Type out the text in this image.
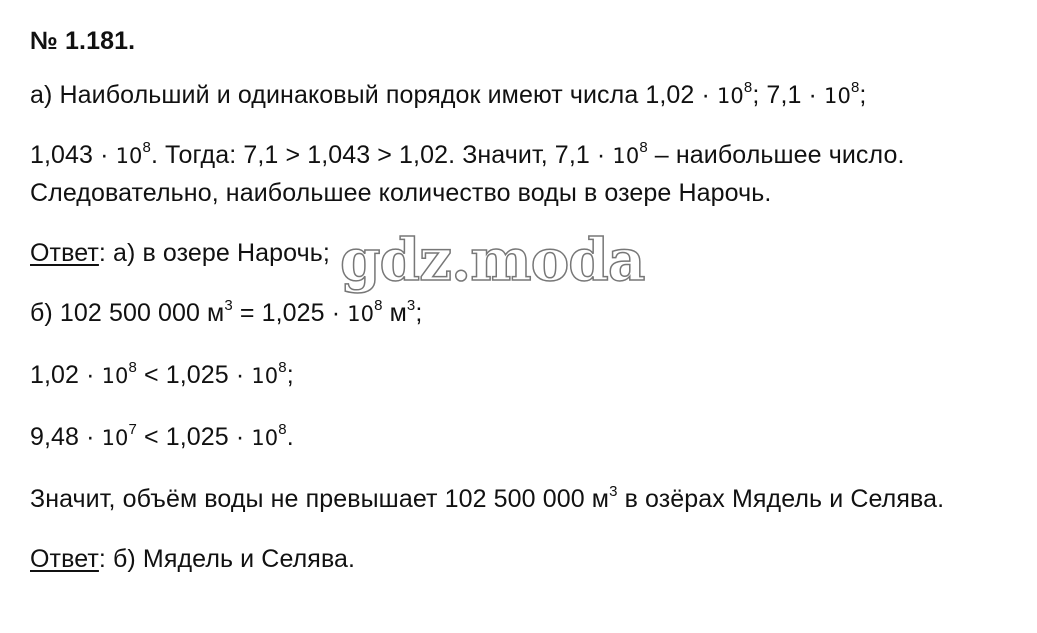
№ 1.181.
а) Наибольший и одинаковый порядок имеют числа $1,02 \cdot 10^8$; $7,1 \cdot 10^8$;
$1,043 \cdot 10^8$. Тогда: 7,1 > 1,043 > 1,02. Значит, $7,1 \cdot 10^8$ – наибольшее число.
Следовательно, наибольшее количество воды в озере Нарочь.
Ответ: а) в озере Нарочь;
б) 102 500 000 $м^3 = 1,025 \cdot 10^8$ $м^3$;
$1,02 \cdot 10^8 < 1,025 \cdot 10^8$;
$9,48 \cdot 10^7 < 1,025 \cdot 10^8$.
Значит, объём воды не превышает 102 500 000 $м^3$ в озёрах Мядель и Селява.
Ответ: б) Мядель и Селява.
gdz.moda
